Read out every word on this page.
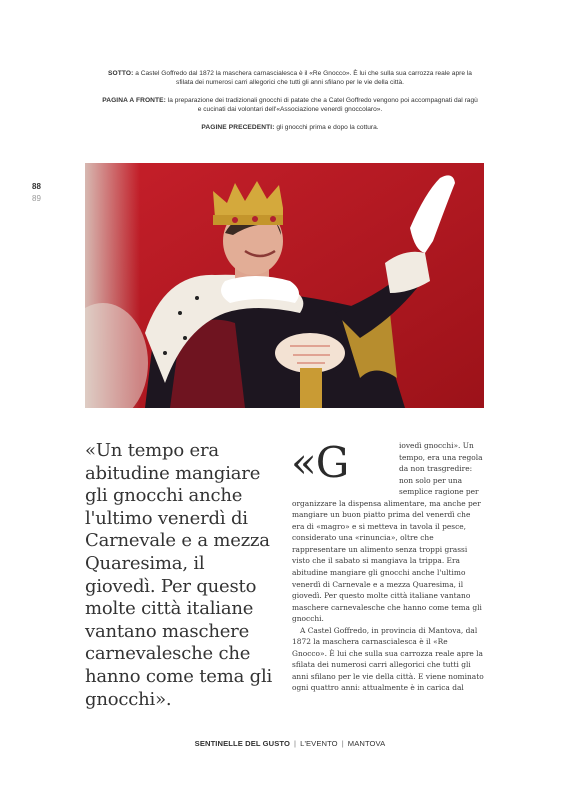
SOTTO: a Castel Goffredo dal 1872 la maschera carnascialesca è il «Re Gnocco». È lui che sulla sua carrozza reale apre la sfilata dei numerosi carri allegorici che tutti gli anni sfilano per le vie della città.

PAGINA A FRONTE: la preparazione dei tradizionali gnocchi di patate che a Catel Goffredo vengono poi accompagnati dal ragù e cucinati dai volontari dell'«Associazione venerdì gnoccolaro».

PAGINE PRECEDENTI: gli gnocchi prima e dopo la cottura.

88
89
«Un tempo era abitudine mangiare gli gnocchi anche l'ultimo venerdì di Carnevale e a mezza Quaresima, il giovedì. Per questo molte città italiane vantano maschere carnevalesche che hanno come tema gli gnocchi».
«G	iovedì gnocchi». Un tempo, era una regola da non trasgredire: non solo per una semplice ragione per organizzare la dispensa alimentare, ma anche per mangiare un buon piatto prima del venerdì che era di «magro» e si metteva in tavola il pesce, considerato una «rinuncia», oltre che rappresentare un alimento senza troppi grassi visto che il sabato si mangiava la trippa. Era abitudine mangiare gli gnocchi anche l'ultimo venerdì di Carnevale e a mezza Quaresima, il giovedì. Per questo molte città italiane vantano maschere carnevalesche che hanno come tema gli gnocchi.

A Castel Goffredo, in provincia di Mantova, dal 1872 la maschera carnascialesca è il «Re Gnocco». È lui che sulla sua carrozza reale apre la sfilata dei numerosi carri allegorici che tutti gli anni sfilano per le vie della città. E viene nominato ogni quattro anni: attualmente è in carica dal

SENTINELLE DEL GUSTO | L'EVENTO | MANTOVA
